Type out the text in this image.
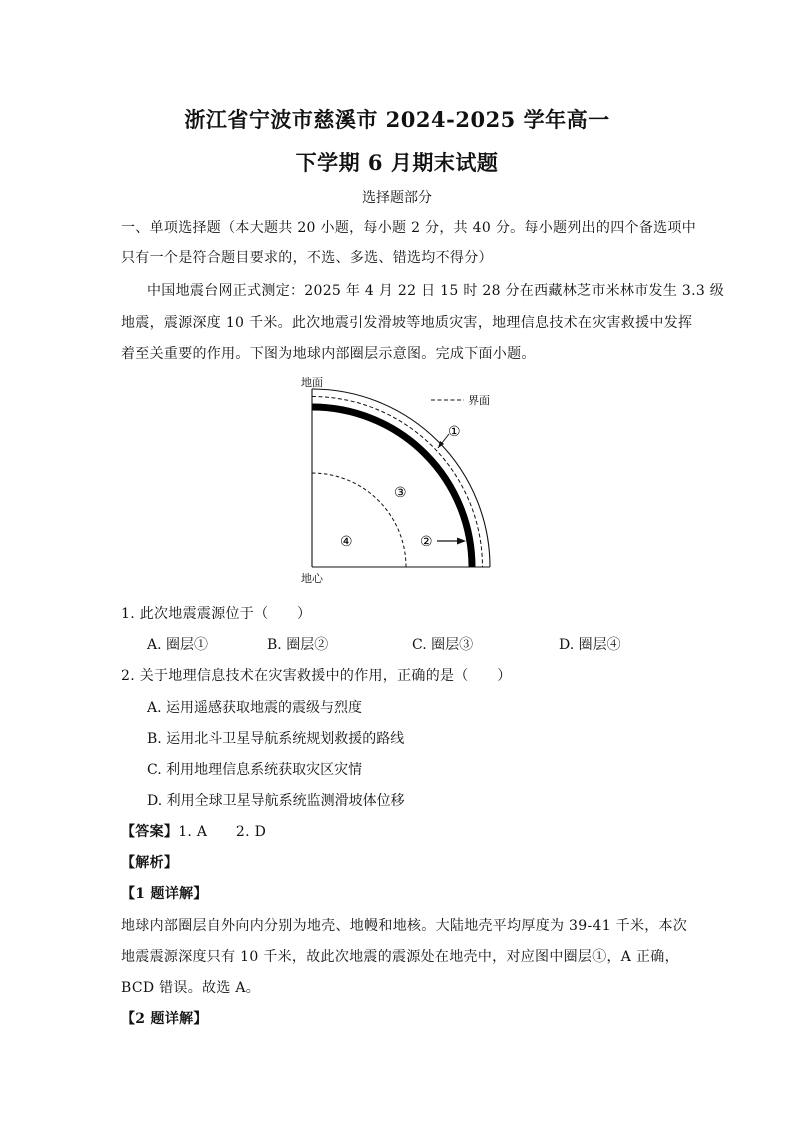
浙江省宁波市慈溪市 2024-2025 学年高一
下学期 6 月期末试题
选择题部分
一、单项选择题（本大题共 20 小题，每小题 2 分，共 40 分。每小题列出的四个备选项中
只有一个是符合题目要求的，不选、多选、错选均不得分）
中国地震台网正式测定：2025 年 4 月 22 日 15 时 28 分在西藏林芝市米林市发生 3.3 级
地震，震源深度 10 千米。此次地震引发滑坡等地质灾害，地理信息技术在灾害救援中发挥
着至关重要的作用。下图为地球内部圈层示意图。完成下面小题。
界面
①
③
④	②
地面
地心
1. 此次地震震源位于（　　）
A. 圈层①	B. 圈层②	C. 圈层③	D. 圈层④
2. 关于地理信息技术在灾害救援中的作用，正确的是（　　）
A. 运用遥感获取地震的震级与烈度
B. 运用北斗卫星导航系统规划救援的路线
C. 利用地理信息系统获取灾区灾情
D. 利用全球卫星导航系统监测滑坡体位移
【答案】1. A　　2. D
【解析】
【1 题详解】
地球内部圈层自外向内分别为地壳、地幔和地核。大陆地壳平均厚度为 39-41 千米，本次
地震震源深度只有 10 千米，故此次地震的震源处在地壳中，对应图中圈层①，A 正确，
BCD 错误。故选 A。
【2 题详解】
